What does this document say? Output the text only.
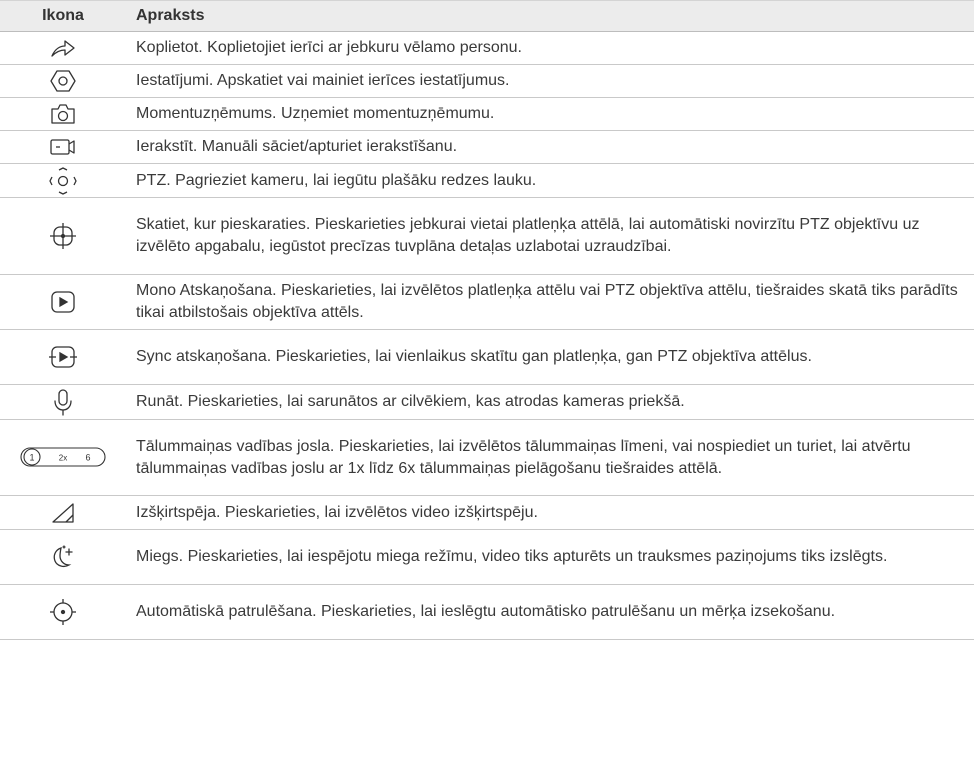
Ikona	Apraksts
	Koplietot. Koplietojiet ierīci ar jebkuru vēlamo personu.
	Iestatījumi. Apskatiet vai mainiet ierīces iestatījumus.
	Momentuzņēmums. Uzņemiet momentuzņēmumu.
	Ierakstīt. Manuāli sāciet/apturiet ierakstīšanu.
	PTZ. Pagrieziet kameru, lai iegūtu plašāku redzes lauku.
	Skatiet, kur pieskaraties. Pieskarieties jebkurai vietai platleņķa attēlā, lai automātiski novirzītu PTZ objektīvu uz izvēlēto apgabalu, iegūstot precīzas tuvplāna detaļas uzlabotai uzraudzībai.
	Mono Atskaņošana. Pieskarieties, lai izvēlētos platleņķa attēlu vai PTZ objektīva attēlu, tiešraides skatā tiks parādīts tikai atbilstošais objektīva attēls.
	Sync atskaņošana. Pieskarieties, lai vienlaikus skatītu gan platleņķa, gan PTZ objektīva attēlus.
	Runāt. Pieskarieties, lai sarunātos ar cilvēkiem, kas atrodas kameras priekšā.

1 2x 6	Tālummaiņas vadības josla. Pieskarieties, lai izvēlētos tālummaiņas līmeni, vai nospiediet un turiet, lai atvērtu tālummaiņas vadības joslu ar 1x līdz 6x tālummaiņas pielāgošanu tiešraides attēlā.
	Izšķirtspēja. Pieskarieties, lai izvēlētos video izšķirtspēju.
	Miegs. Pieskarieties, lai iespējotu miega režīmu, video tiks apturēts un trauksmes paziņojums tiks izslēgts.
	Automātiskā patrulēšana. Pieskarieties, lai ieslēgtu automātisko patrulēšanu un mērķa izsekošanu.
